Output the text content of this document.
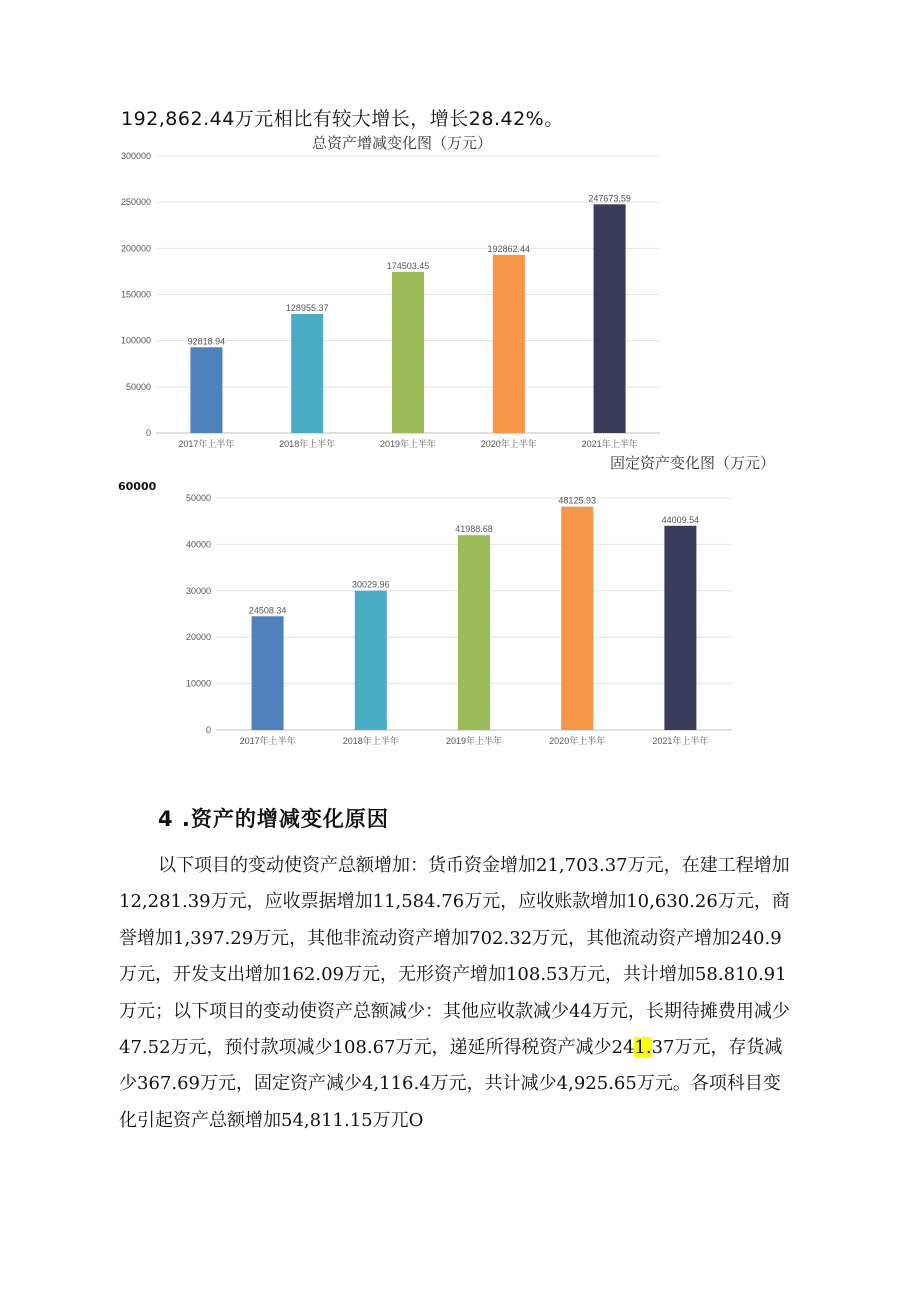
192,862.44万元相比有较大增长，增长28.42%。
总资产增减变化图（万元）
0
50000
100000
150000
200000
250000
300000
92818.94
2017年上半年
128955.37
2018年上半年
174503.45
2019年上半年
192862.44
2020年上半年
247673.59
2021年上半年
固定资产变化图（万元）
60000
0
10000
20000
30000
40000
50000
24508.34
2017年上半年
30029.96
2018年上半年
41988.68
2019年上半年
48125.93
2020年上半年
44009.54
2021年上半年
4 .资产的增减变化原因
以下项目的变动使资产总额增加：货币资金增加21,703.37万元，在建工程增加12,281.39万元，应收票据增加11,584.76万元，应收账款增加10,630.26万元，商誉增加1,397.29万元，其他非流动资产增加702.32万元，其他流动资产增加240.9万元，开发支出增加162.09万元，无形资产增加108.53万元，共计增加58.810.91万元；以下项目的变动使资产总额减少：其他应收款减少44万元，长期待摊费用减少47.52万元，预付款项减少108.67万元，递延所得税资产减少241.37万元，存货减少367.69万元，固定资产减少4,116.4万元，共计减少4,925.65万元。各项科目变化引起资产总额增加54,811.15万兀O
